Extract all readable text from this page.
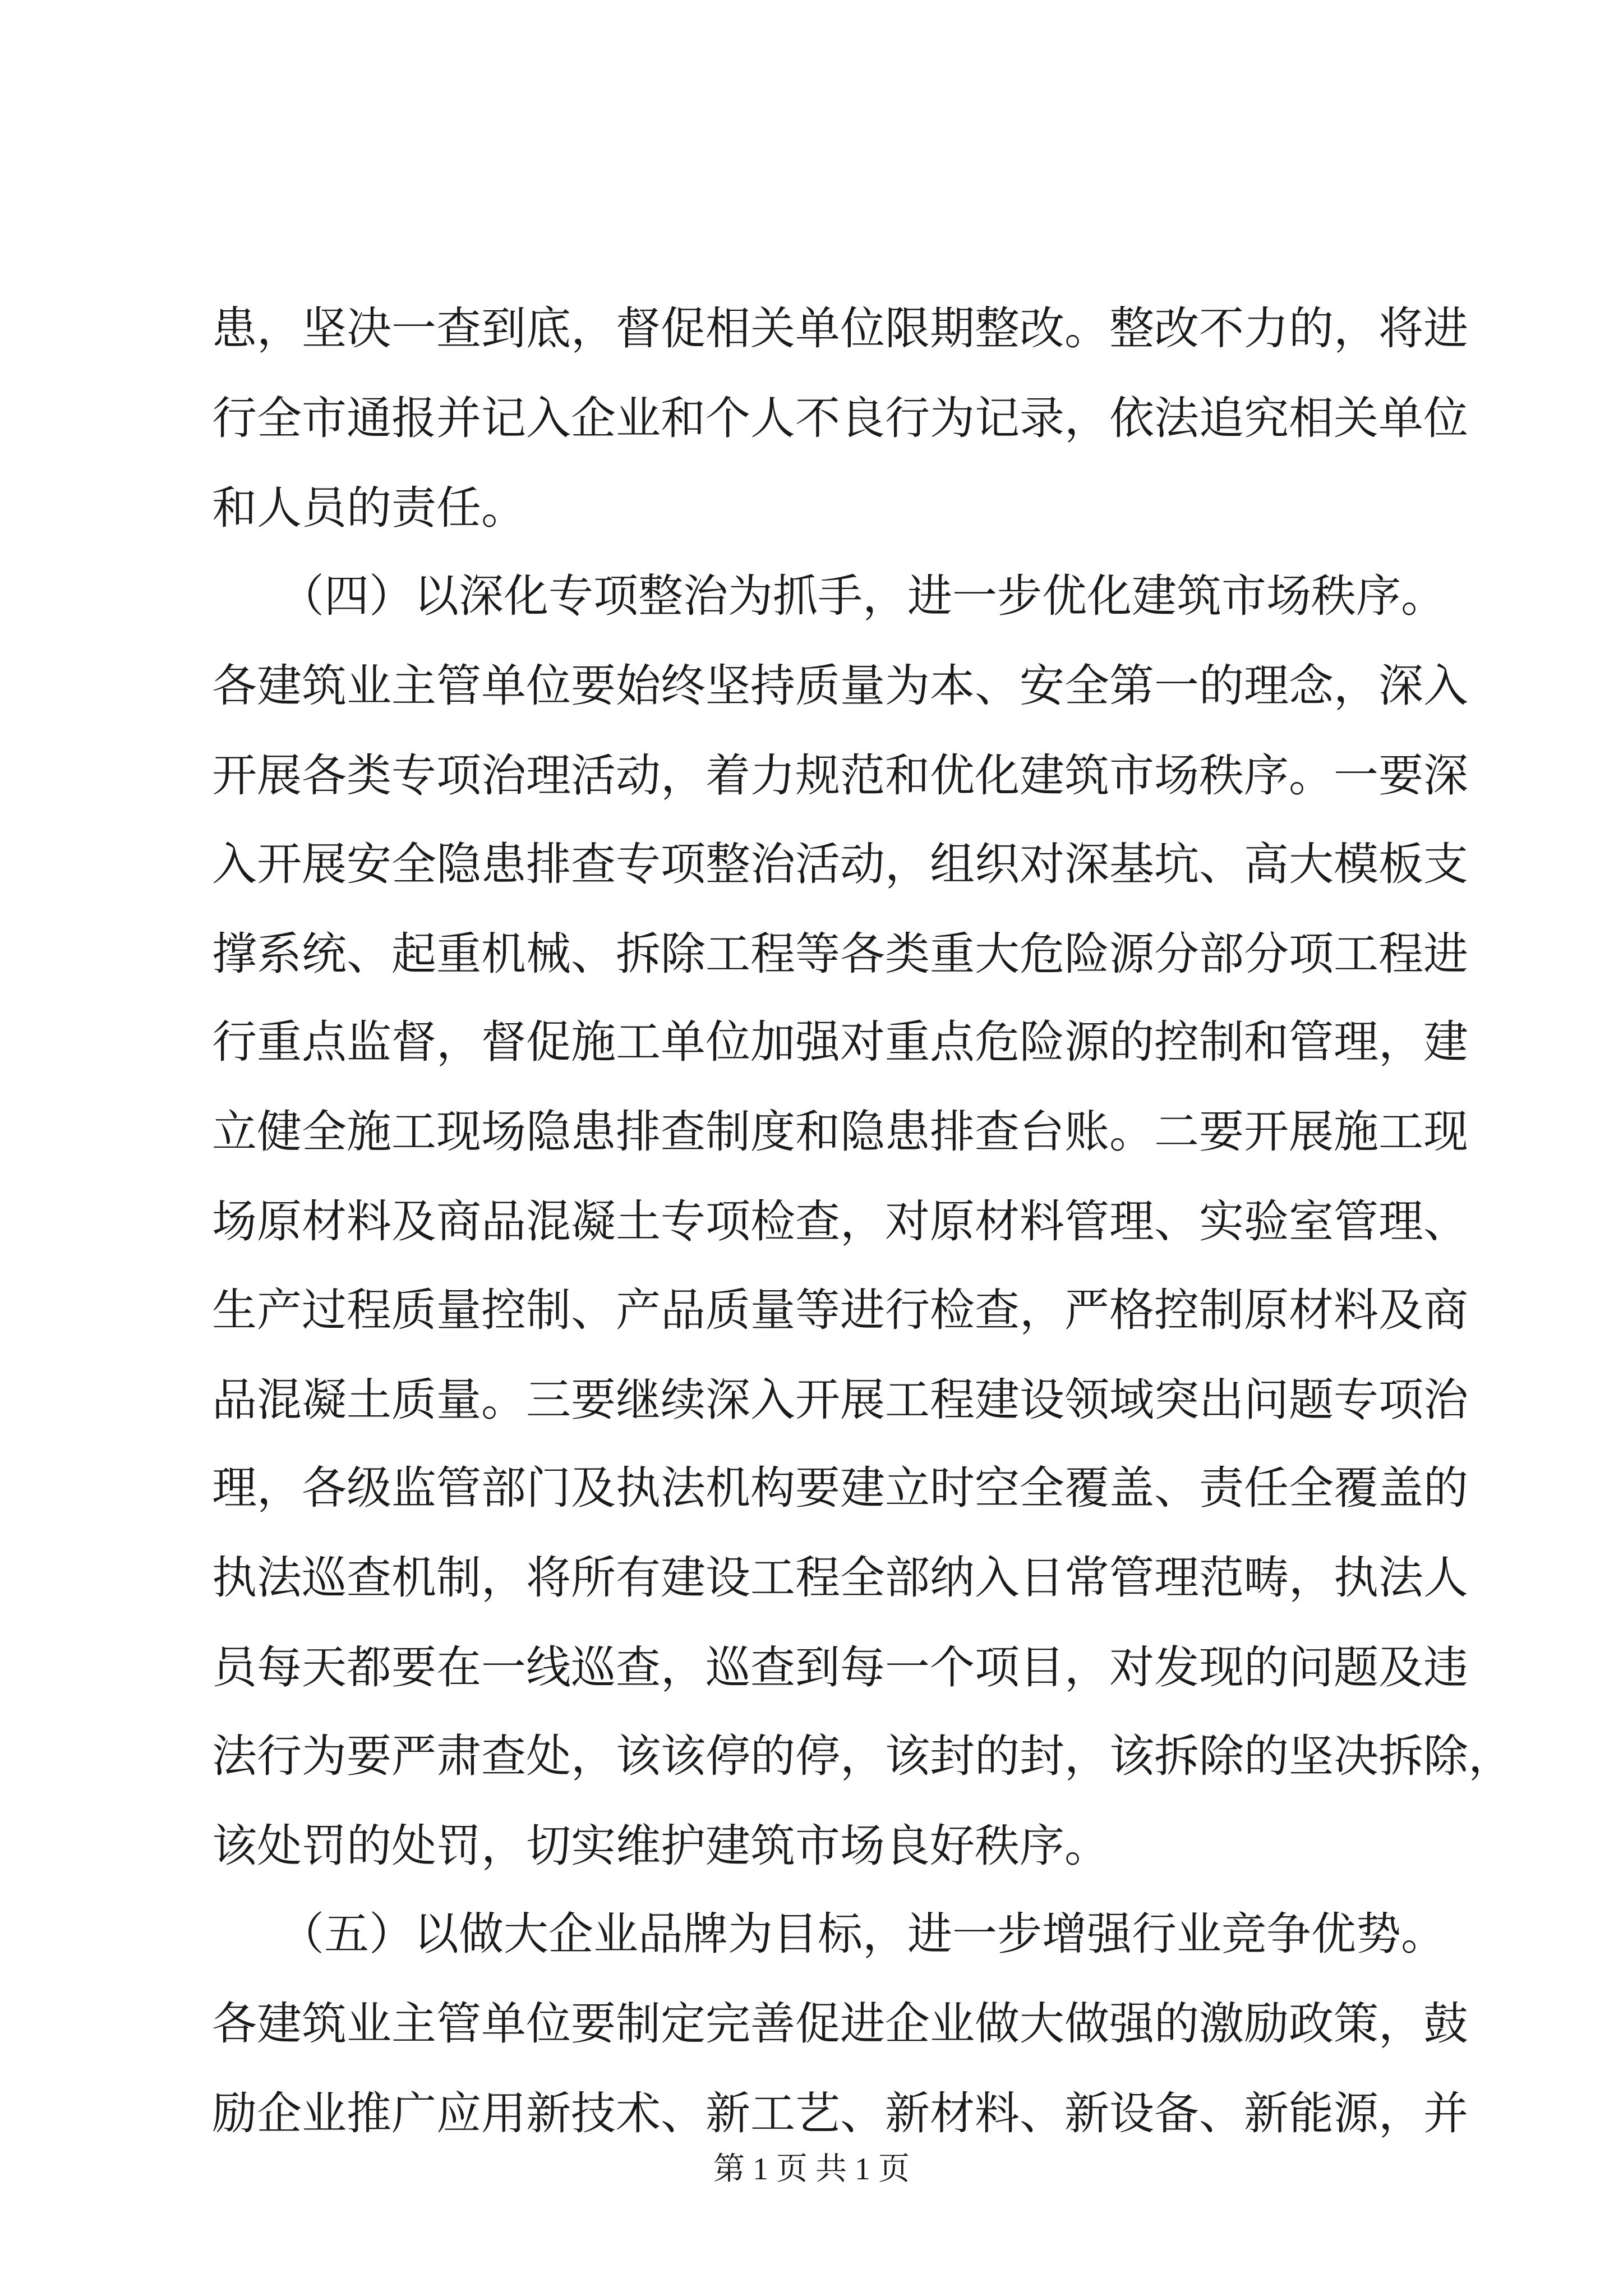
患，坚决一查到底，督促相关单位限期整改。整改不力的，将进
行全市通报并记入企业和个人不良行为记录，依法追究相关单位
和人员的责任。
　　（四）以深化专项整治为抓手，进一步优化建筑市场秩序。
各建筑业主管单位要始终坚持质量为本、安全第一的理念，深入
开展各类专项治理活动，着力规范和优化建筑市场秩序。一要深
入开展安全隐患排查专项整治活动，组织对深基坑、高大模板支
撑系统、起重机械、拆除工程等各类重大危险源分部分项工程进
行重点监督，督促施工单位加强对重点危险源的控制和管理，建
立健全施工现场隐患排查制度和隐患排查台账。二要开展施工现
场原材料及商品混凝土专项检查，对原材料管理、实验室管理、
生产过程质量控制、产品质量等进行检查，严格控制原材料及商
品混凝土质量。三要继续深入开展工程建设领域突出问题专项治
理，各级监管部门及执法机构要建立时空全覆盖、责任全覆盖的
执法巡查机制，将所有建设工程全部纳入日常管理范畴，执法人
员每天都要在一线巡查，巡查到每一个项目，对发现的问题及违
法行为要严肃查处，该该停的停，该封的封，该拆除的坚决拆除，
该处罚的处罚，切实维护建筑市场良好秩序。
　　（五）以做大企业品牌为目标，进一步增强行业竞争优势。
各建筑业主管单位要制定完善促进企业做大做强的激励政策，鼓
励企业推广应用新技术、新工艺、新材料、新设备、新能源，并
第 1 页 共 1 页
